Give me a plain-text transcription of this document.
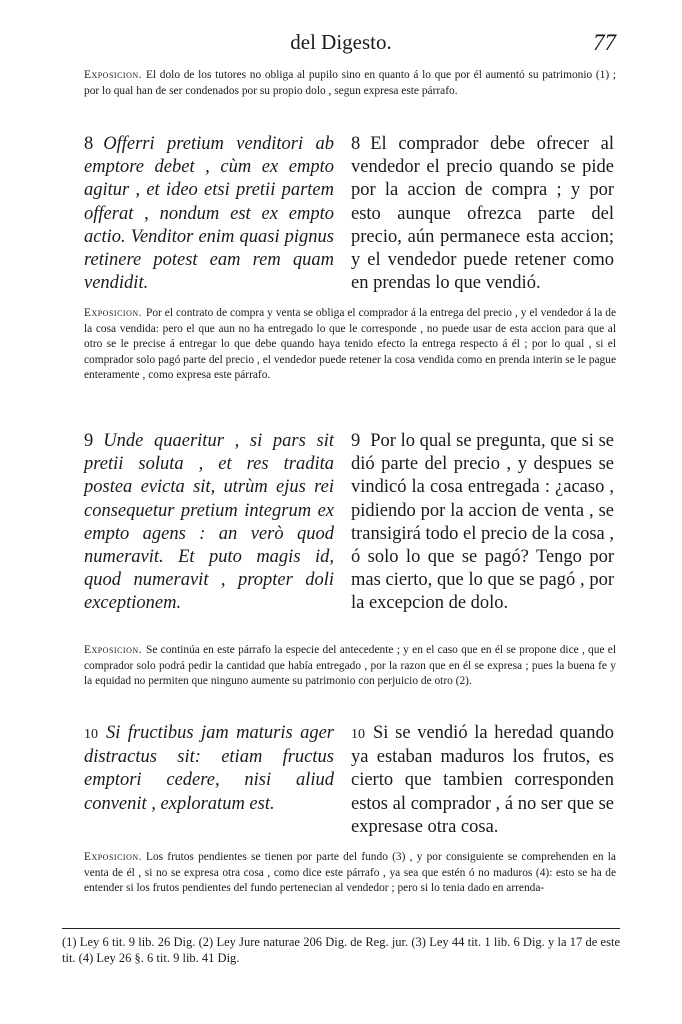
del Digesto.	77
Exposicion. El dolo de los tutores no obliga al pupilo sino en quanto á lo que por él aumentó su patrimonio (1) ; por lo qual han de ser condenados por su propio dolo , segun expresa este párrafo.
8 Offerri pretium venditori ab emptore debet , cùm ex empto agitur , et ideo etsi pretii partem offerat , nondum est ex empto actio. Venditor enim quasi pignus retinere potest eam rem quam vendidit.
8 El comprador debe ofrecer al vendedor el precio quando se pide por la accion de compra ; y por esto aunque ofrezca parte del precio, aún permanece esta accion; y el vendedor puede retener como en prendas lo que vendió.
Exposicion. Por el contrato de compra y venta se obliga el comprador á la entrega del precio , y el vendedor á la de la cosa vendida: pero el que aun no ha entregado lo que le corresponde , no puede usar de esta accion para que al otro se le precise á entregar lo que debe quando haya tenido efecto la entrega respecto á él ; por lo qual , si el comprador solo pagó parte del precio , el vendedor puede retener la cosa vendida como en prenda interin se le pague enteramente , como expresa este párrafo.
9 Unde quaeritur , si pars sit pretii soluta , et res tradita postea evicta sit, utrùm ejus rei consequetur pretium integrum ex empto agens : an verò quod numeravit. Et puto magis id, quod numeravit , propter doli exceptionem.
9 Por lo qual se pregunta, que si se dió parte del precio , y despues se vindicó la cosa entregada : ¿acaso , pidiendo por la accion de venta , se transigirá todo el precio de la cosa , ó solo lo que se pagó? Tengo por mas cierto, que lo que se pagó , por la excepcion de dolo.
Exposicion. Se continúa en este párrafo la especie del antecedente ; y en el caso que en él se propone dice , que el comprador solo podrá pedir la cantidad que había entregado , por la razon que en él se expresa ; pues la buena fe y la equidad no permiten que ninguno aumente su patrimonio con perjuicio de otro (2).
10 Si fructibus jam maturis ager distractus sit: etiam fructus emptori cedere, nisi aliud convenit , exploratum est.
10 Si se vendió la heredad quando ya estaban maduros los frutos, es cierto que tambien corresponden estos al comprador , á no ser que se expresase otra cosa.
Exposicion. Los frutos pendientes se tienen por parte del fundo (3) , y por consiguiente se comprehenden en la venta de él , si no se expresa otra cosa , como dice este párrafo , ya sea que estén ó no maduros (4): esto se ha de entender si los frutos pendientes del fundo pertenecian al vendedor ; pero si lo tenia dado en arrenda-
(1) Ley 6 tit. 9 lib. 26 Dig. (2) Ley Jure naturae 206 Dig. de Reg. jur. (3) Ley 44 tit. 1 lib. 6 Dig. y la 17 de este tit. (4) Ley 26 §. 6 tit. 9 lib. 41 Dig.
